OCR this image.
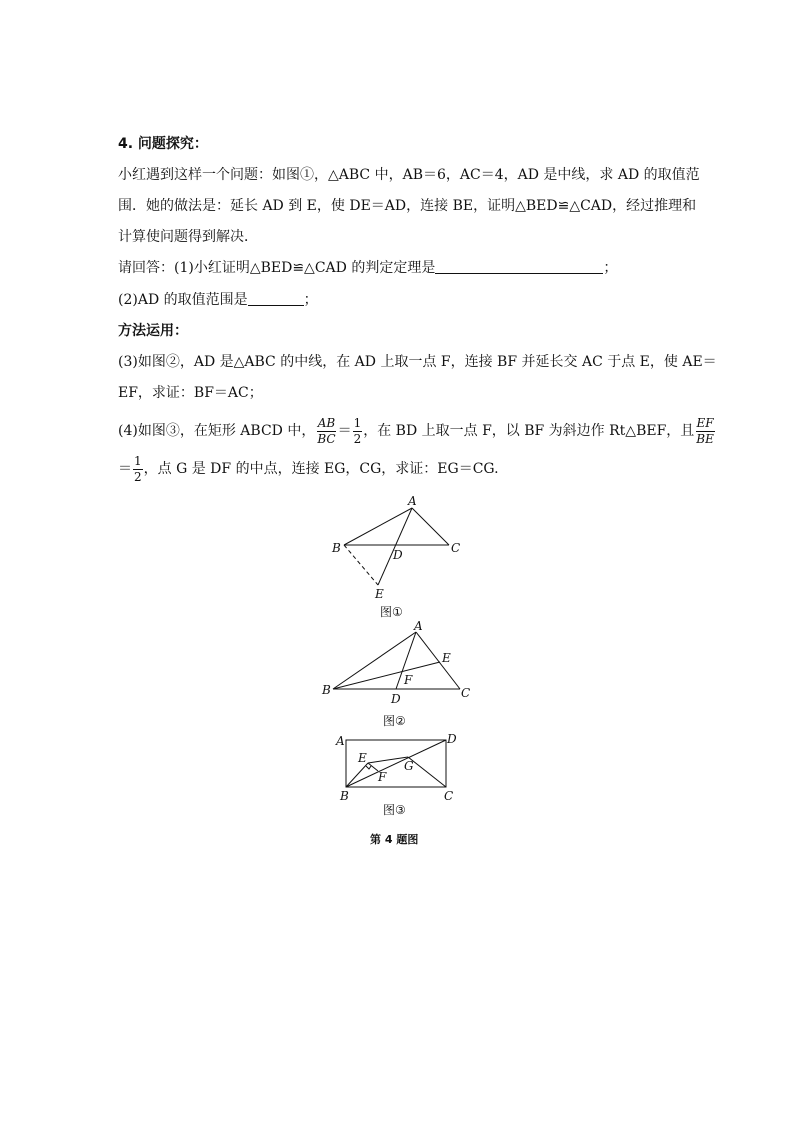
4. 问题探究：
小红遇到这样一个问题：如图①，△ABC 中，AB＝6，AC＝4，AD 是中线，求 AD 的取值范
围．她的做法是：延长 AD 到 E，使 DE＝AD，连接 BE，证明△BED≌△CAD，经过推理和
计算使问题得到解决．
请回答：(1)小红证明△BED≌△CAD 的判定定理是	；
(2)AD 的取值范围是	；
方法运用：
(3)如图②，AD 是△ABC 的中线，在 AD 上取一点 F，连接 BF 并延长交 AC 于点 E，使 AE＝
EF，求证：BF＝AC；
(4)如图③，在矩形 ABCD 中， $\frac{AB}{BC} = \frac{1}{2}$ ，在 BD 上取一点 F，以 BF 为斜边作 Rt△BEF，且 $\frac{EF}{BE}$
＝ $\frac{1}{2}$ ，点 G 是 DF 的中点，连接 EG，CG，求证：EG＝CG.
A
B	C
D
E
图①
A
B	C
D
E
F
图②
A
B	C
D
E
F
G
图③
第 4 题图
